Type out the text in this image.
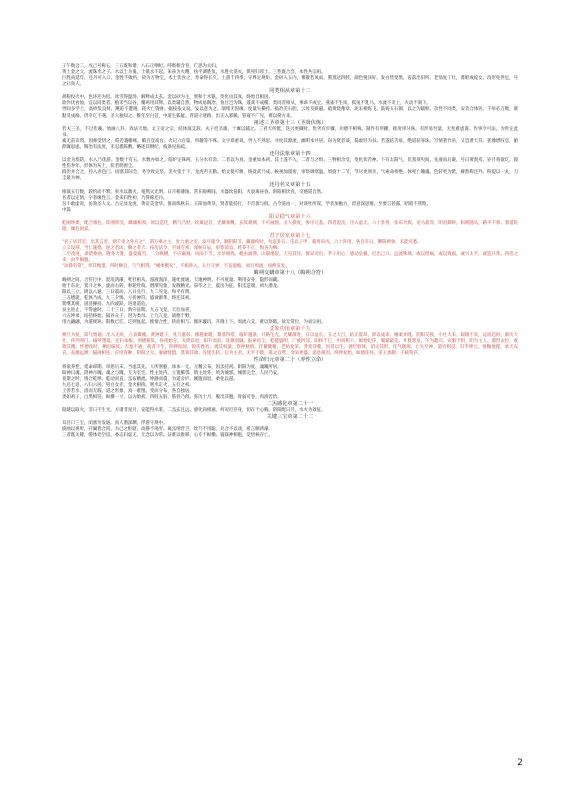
子午数合二，戊己号称五，三五既和谐，八石正纲纪。呼吸相含育，伫思为夫妇。

黄土金之父，流珠水之子。水以土为鬼，土镇水不起。朱雀为火精，执平调胜负。水胜火消灭，俱死归厚土。三性既合会，本性共宗祖。

巨胜尚延年，还丹可入口。金性不败朽，故为万物宝。术士伏食之，寿命得长久。土游于四季，守界定规矩。金砂入五内，雾散若风雨。熏蒸达四肢，颜色悦泽好。发白皆变黑，齿落出旧所。老翁复丁壮，耆妪成姹女。改形免世厄，号之曰真人。

同类相从章第十二

胡粉投火中，色坏还为铅。冰雪得温汤，解释成太玄。金以砂为主，禀和于水银。变化由其真，终始自相因。

欲作伏食仙，宜以同类者。植禾当以谷，覆鸡用其卵。以类辅自然，物成易陶冶。鱼目岂为珠，蓬蒿不成槚。类同者相从，事乖不成宝。燕雀不生凤，狐兔不乳马。水流不炎上，火动不润下。

世间多学士，高妙负良材。邂逅不遭遇，耗火亡资财。据按依文说，妄以意为之。端绪无因缘，度量失操持。捣冶羌石胆，云母及矾磁。硫黄烧豫章，泥汞相炼飞。鼓铸五石铜，以之为辅枢。杂性不同类，安肯合体居。千举必万败，欲黠反成痴。侥幸讫不遇，圣人独知之。稚年至白首，中道生狐疑。背道守迷路，出正入邪蹊。管窥不广见，难以揆方来。

祖述三圣章第十三（圣贤伏炼）

若夫三圣，不过伏羲。始画八卦，效法天地。文王帝之宗，结体演爻辞。夫子庶圣雄，十翼以辅之。三君天所挺，迭兴更御时。优劣有步骤，功德不相殊。制作有所踵，推度审分铢。有形易忖量，无兆难虑谋。作事令可法，为世定此书。

素无前识资，因师觉悟之。皓若褰帷帐，瞋目登高台。火记六百篇，所趣等不殊。文字郑重说，世人不熟思。寻度其源流，幽明本共居。窃为贤者谈，曷敢轻为书。若遂结舌瘖，绝道获罪诛。写情著竹帛，又恐泄天符。犹豫增叹息，俯仰辄思虑。陶冶有法度，未忍悉陈敷。略述其纲纪，枝条见扶疏。

还丹法象章第十四

以金为堤防，水入乃优游。金数十有五，水数亦如之。临炉定铢两，五分水有余。二者以为真，金重如本初。其土遂不入，二者与之俱。三物相含受，变化状若神。下有太阳气，伏蒸须臾间。先液而后凝，号曰黄舆焉。岁月将欲讫，毁性伤寿年。形体为灰土，状若明窗尘。

捣治并合之，持入赤色门。固塞其际会，务令致完坚。炎火张于下，龙虎声正勤。始文使可修，终竟武乃成。候视加谨密，审察调寒温。周旋十二节，节尽更须亲。气索命将绝，休死亡魄魂。色转更为紫，赫然称还丹。粉提以一丸，刀圭最为神。

还丹名义章第十五

推演五行数，较约而不繁。举水以激火，奄然灭光明。日月相薄蚀，常在晦朔间。水盛坎侵阳，火衰离昼昏。阴阳相饮食，交感道自然。

名者以定情，字者缘性言。金来归性初，乃得称还丹。

吾不敢虚说，仿效圣人文。古记显龙虎，黄帝美金华。淮南炼秋石，玉阳加黄芽。贤者能持行，不肖毋与俱。古今道由一，对谈吐所谋。学者加勉力，留意深思惟。至要言甚露，昭昭不我欺。

中篇

阳灵稳气章第十六

乾刚坤柔，配合相包。阳禀阴受，雌雄相须。须以造化，精气乃舒。坎离冠首，光耀垂敷。玄冥难测，不可画图。圣人揆度，参序元基。四者混沌，径入虚无。六十卦用，张布为舆。龙马就驾，明君御时。和则随从，路平不邪。邪道险阻，倾危国家。

君子居室章第十七

"君子居其室，出其言善，则千里之外应之"，谓万乘之主，处九重之室，发号施令，顺阴阳节。藏器俟时，勿违卦日。屯以子申，蒙用寅戌。六十卦用，各自有日。聊陈两象，未能究悉。

立义设刑，当仁施德。逆之者凶，顺之者吉。按历法令，至诚专密。谨候日辰，审察消息。纤芥不正，悔吝为贼。

二至改度，乖错委曲。隆冬大暑，盛夏霰雪。二分纵横，不应漏刻。风雨不节，水旱相伐。蝗虫涌沸，山崩地裂。天见其怪，群异旁出。孝子用心，感动皇极。近出己口，远流殊域。或以招祸，或以致福。或兴太平，或造兵革。四者之来，由乎胸臆。

"动静有常"，奉其绳墨。四时顺宜，与气相得。"刚柔断矣"，不相涉入。五行守界，不妄盈缩。易行周流，屈伸反复。

晦朔交媾章第十八（晦朔合符）

晦朔之间，合符行中。混沌鸿濛，牝牡相从。滋液润泽，施化流通。天地神明，不可度量。利用安身，隐形而藏。

始于东北，箕斗之乡。旋而右转，呕轮吐萌。潜潭见象，发散精光。昴毕之上，震出为征。阳炁造端，初九潜龙。

阳以三立，阴以八通。三日震动，八日兑行。九二见龙，和平有明。

三五德就，乾体乃成。九三夕惕，亏折神符。盛衰渐革，终还其初。

巽继其统，固济操持。九四或跃，进退道危。

艮主进止，不得逾时。二十三日，典守弦期。九五飞龙，天位加喜。

六五坤承，结括终始。韫养众子，世为类母。上九亢龙，战德于野。

用九翩翩，为道规矩。阳数已讫，讫则复起。推情合性，转而相与。循环璇玑，升降上下。周流六爻，难以察睹。故无常位，为易宗祖。

爻象功用章第十九

朔旦为复，阳气始通。出入无疾，立表微刚。黄钟建子，兆乃滋彰。播施柔暖，黎蒸得常。临炉施条，开路生光。光耀渐进，日以益长。丑之大吕，结正低昂。仰以成泰，刚柔并隆。阴阳交接，小往大来。辐辏于寅，运而趋时。渐历大壮，侠列卯门。榆荚堕落，还归本根。刑德相负，昼夜始分。夬阴以退，阳升而前。洗濯羽翮，振索宿尘。乾健盛明，广被四邻。阳终于巳，中而相干。姤始纪序，履霜最先。井底寒泉，午为蕤宾。宾服于阴，阴为主人。遁世去位，收敛其精。怀德俟时，栖迟昧冥。否塞不通，萌者不生。阴伸阳屈，毁伤姓名。观其权量，察仲秋情。任蓄微稚，老枯复荣。荠麦芽蘖，因冒以生。剥烂肢体，消灭其形。化气既竭，亡失至神。道穷则反，归乎坤元。恒顺地理，承天布宣。玄幽远渺，隔阂相连。应度育种，阴阳之元。寥廓恍惚，莫知其端。先迷失轨，后为主君。无平不陂，道之自然。变易更盛，消息相因。终坤复始，如循连环。帝王承御，千载常存。

性命归元章第二十（养性立命）

将欲养性，延命却期。审思后末，当虑其先。人所禀躯，体本一无。元精云布，因炁托初。阴阳为度，魂魄所居。

阳神日魂，阴神月魄。魂之与魄，互为室宅。性主处内，立置鄞鄂。情主处外，筑为城郭。城郭完全，人民乃安。

爰斯之时，情合乾坤。乾动而直，炁布精流。坤静而翕，为道舍庐。刚施而退，柔化以滋。

九还七返，八归六居。男白女赤，金火相拘。则水定火，五行之初。

上善若水，清而无瑕。道之形象，真一难图。变而分布，各自独居。

类如鸡子，白黑相符。纵横一寸，以为始初。四肢五脏，筋骨乃俱。弥历十月，脱出其胞。骨弱可卷，肉滑若饴。

二炁感化章第二十一

阳燧以取火，非日不生光。方诸非星月，安能得水浆。二炁玄且远，感化尚相通。何况近存身，切在于心胸。阴阳配日月，水火为效征。

关键三宝章第二十二

耳目口三宝，闭塞勿发通。真人潜深渊，浮游守规中。

旋曲以视听，开阖皆合同。为己之枢辖，动静不竭穷。离炁纳营卫，坎乃不用聪。兑合不以谈，希言顺鸿濛。

三者既关键，缓体处空房。委志归虚无，无念以为常。证难以推移，心专不纵横。寝寐神相抱，觉悟候存亡。

2
